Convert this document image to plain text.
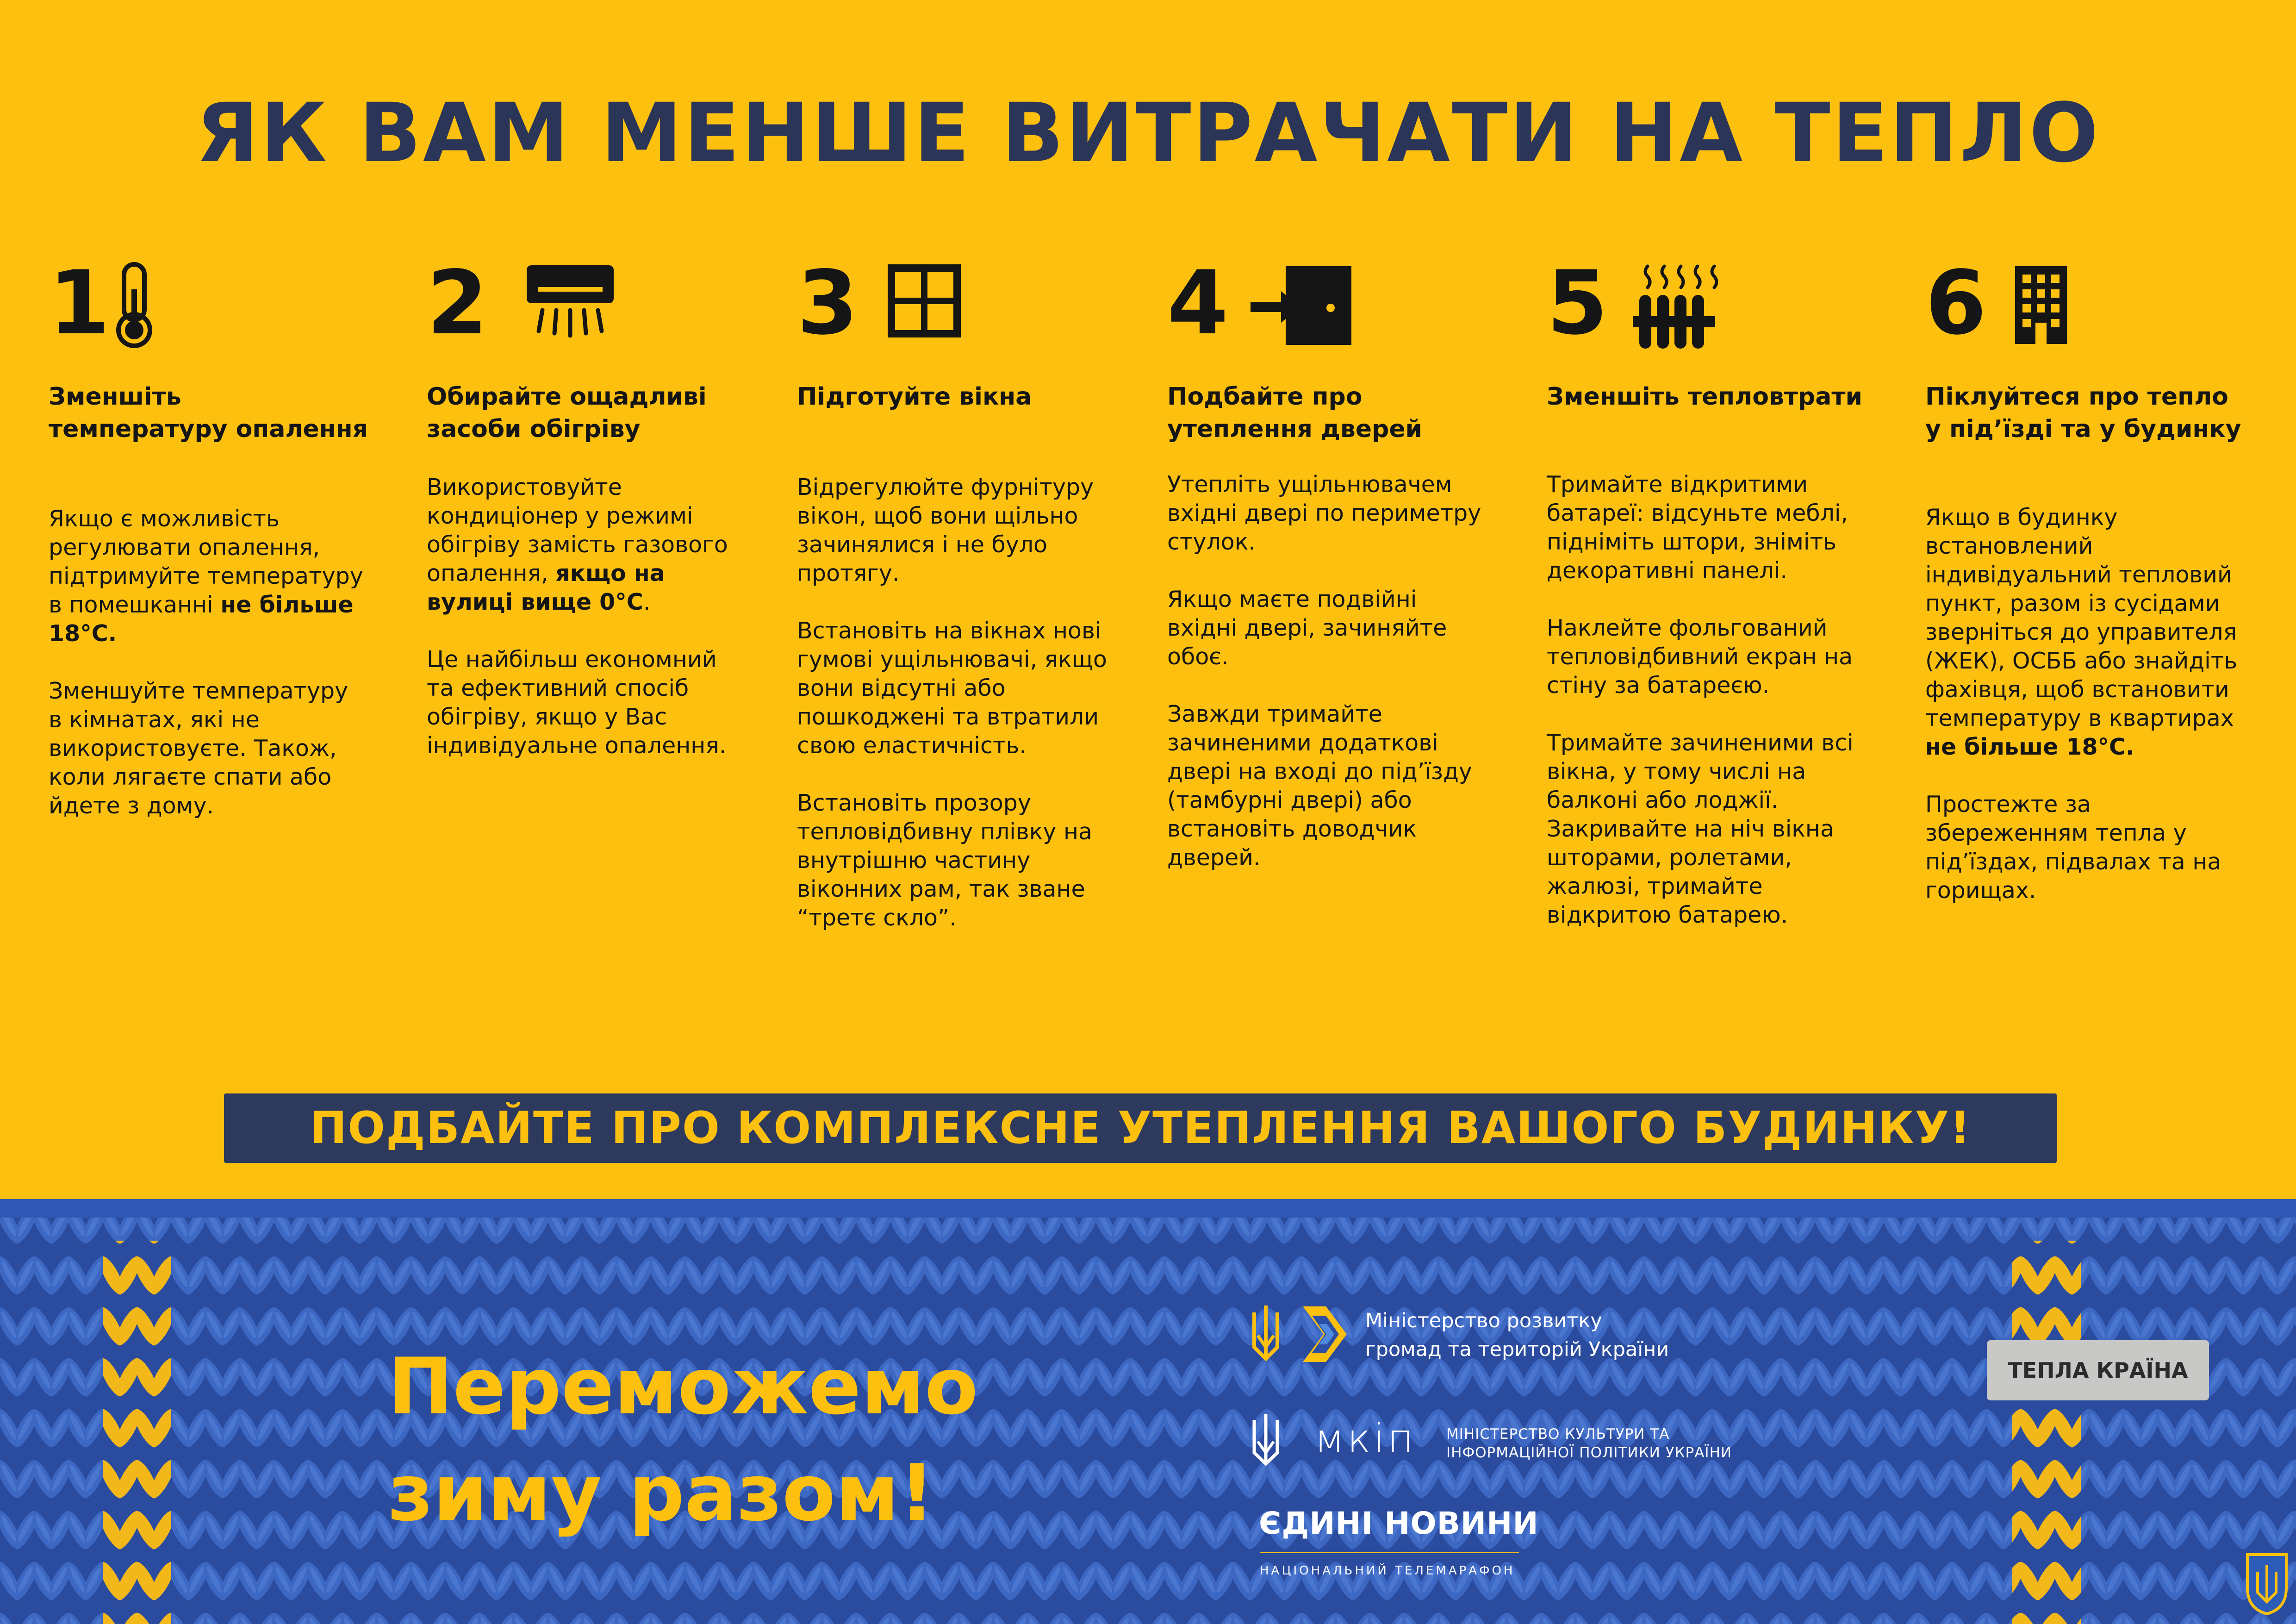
ЯК ВАМ МЕНШЕ ВИТРАЧАТИ НА ТЕПЛО
1
Зменшіть температуру опалення

Якщо є можливість регулювати опалення, підтримуйте температуру в помешканні не більше 18°С.

Зменшуйте температуру в кімнатах, які не використовуєте. Також, коли лягаєте спати або йдете з дому.

2
Обирайте ощадливі засоби обігріву

Використовуйте кондиціонер у режимі обігріву замість газового опалення, якщо на вулиці вище 0°С.

Це найбільш економний та ефективний спосіб обігріву, якщо у Вас індивідуальне опалення.

3
Підготуйте вікна

Відрегулюйте фурнітуру вікон, щоб вони щільно зачинялися і не було протягу.

Встановіть на вікнах нові гумові ущільнювачі, якщо вони відсутні або пошкоджені та втратили свою еластичність.

Встановіть прозору тепловідбивну плівку на внутрішню частину віконних рам, так зване “третє скло”.

4
Подбайте про утеплення дверей

Утепліть ущільнювачем вхідні двері по периметру стулок.

Якщо маєте подвійні вхідні двері, зачиняйте обоє.

Завжди тримайте зачиненими додаткові двері на вході до під’їзду (тамбурні двері) або встановіть доводчик дверей.

5
Зменшіть тепловтрати

Тримайте відкритими батареї: відсуньте меблі, підніміть штори, зніміть декоративні панелі.

Наклейте фольгований тепловідбивний екран на стіну за батареєю.

Тримайте зачиненими всі вікна, у тому числі на балконі або лоджії. Закривайте на ніч вікна шторами, ролетами, жалюзі, тримайте відкритою батарею.

6
Піклуйтеся про тепло у під’їзді та у будинку

Якщо в будинку встановлений індивідуальний тепловий пункт, разом із сусідами зверніться до управителя (ЖЕК), ОСББ або знайдіть фахівця, щоб встановити температуру в квартирах не більше 18°С.

Простежте за збереженням тепла у під’їздах, підвалах та на горищах.

ПОДБАЙТЕ ПРО КОМПЛЕКСНЕ УТЕПЛЕННЯ ВАШОГО БУДИНКУ!
Переможемо
зиму разом!
Міністерство розвитку
громад та територій України
мкіп МІНІСТЕРСТВО КУЛЬТУРИ ТА
ІНФОРМАЦІЙНОЇ ПОЛІТИКИ УКРАЇНИ
ЄДИНІ НОВИНИ
НАЦІОНАЛЬНИЙ ТЕЛЕМАРАФОН
ТЕПЛА КРАЇНА
